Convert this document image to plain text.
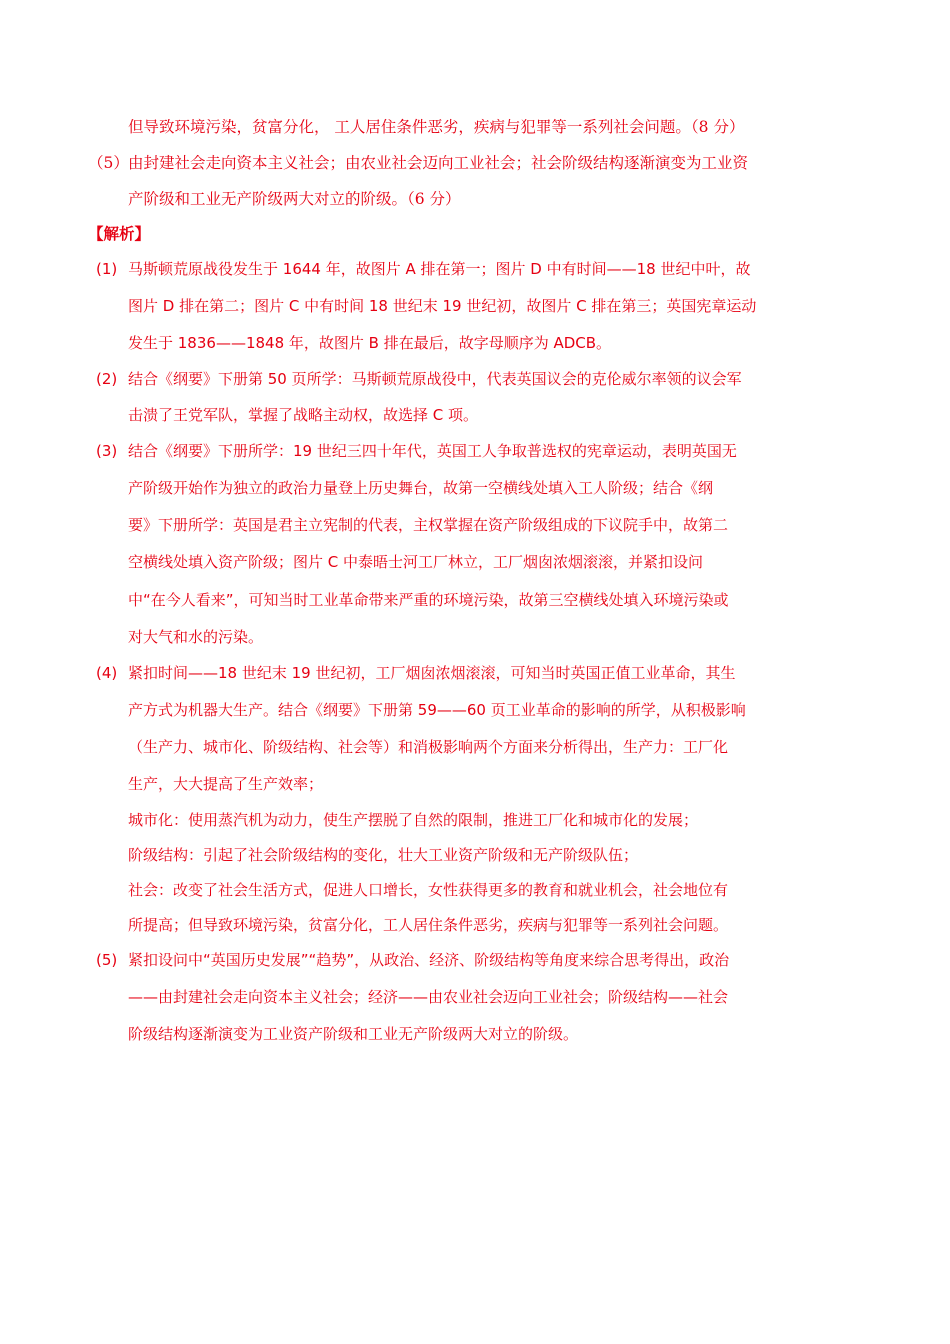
但导致环境污染，贫富分化， 工人居住条件恶劣，疾病与犯罪等一系列社会问题。（8 分）
（5） 由封建社会走向资本主义社会；由农业社会迈向工业社会；社会阶级结构逐渐演变为工业资
产阶级和工业无产阶级两大对立的阶级。（6 分）
【解析】
(1) 马斯顿荒原战役发生于 1644 年，故图片 A 排在第一；图片 D 中有时间——18 世纪中叶，故
图片 D 排在第二；图片 C 中有时间 18 世纪末 19 世纪初，故图片 C 排在第三；英国宪章运动
发生于 1836——1848 年，故图片 B 排在最后，故字母顺序为 ADCB。
(2) 结合《纲要》下册第 50 页所学：马斯顿荒原战役中，代表英国议会的克伦威尔率领的议会军
击溃了王党军队，掌握了战略主动权，故选择 C 项。
(3) 结合《纲要》下册所学：19 世纪三四十年代，英国工人争取普选权的宪章运动，表明英国无
产阶级开始作为独立的政治力量登上历史舞台，故第一空横线处填入工人阶级；结合《纲
要》下册所学：英国是君主立宪制的代表，主权掌握在资产阶级组成的下议院手中，故第二
空横线处填入资产阶级；图片 C 中泰晤士河工厂林立，工厂烟囱浓烟滚滚，并紧扣设问
中“在今人看来”，可知当时工业革命带来严重的环境污染，故第三空横线处填入环境污染或
对大气和水的污染。
(4) 紧扣时间——18 世纪末 19 世纪初，工厂烟囱浓烟滚滚，可知当时英国正值工业革命，其生
产方式为机器大生产。结合《纲要》下册第 59——60 页工业革命的影响的所学，从积极影响
（生产力、城市化、阶级结构、社会等）和消极影响两个方面来分析得出，生产力：工厂化
生产，大大提高了生产效率；
城市化：使用蒸汽机为动力，使生产摆脱了自然的限制，推进工厂化和城市化的发展；
阶级结构：引起了社会阶级结构的变化，壮大工业资产阶级和无产阶级队伍；
社会：改变了社会生活方式，促进人口增长，女性获得更多的教育和就业机会，社会地位有
所提高；但导致环境污染，贫富分化，工人居住条件恶劣，疾病与犯罪等一系列社会问题。
(5) 紧扣设问中“英国历史发展”“趋势”，从政治、经济、阶级结构等角度来综合思考得出，政治
——由封建社会走向资本主义社会；经济——由农业社会迈向工业社会；阶级结构——社会
阶级结构逐渐演变为工业资产阶级和工业无产阶级两大对立的阶级。
